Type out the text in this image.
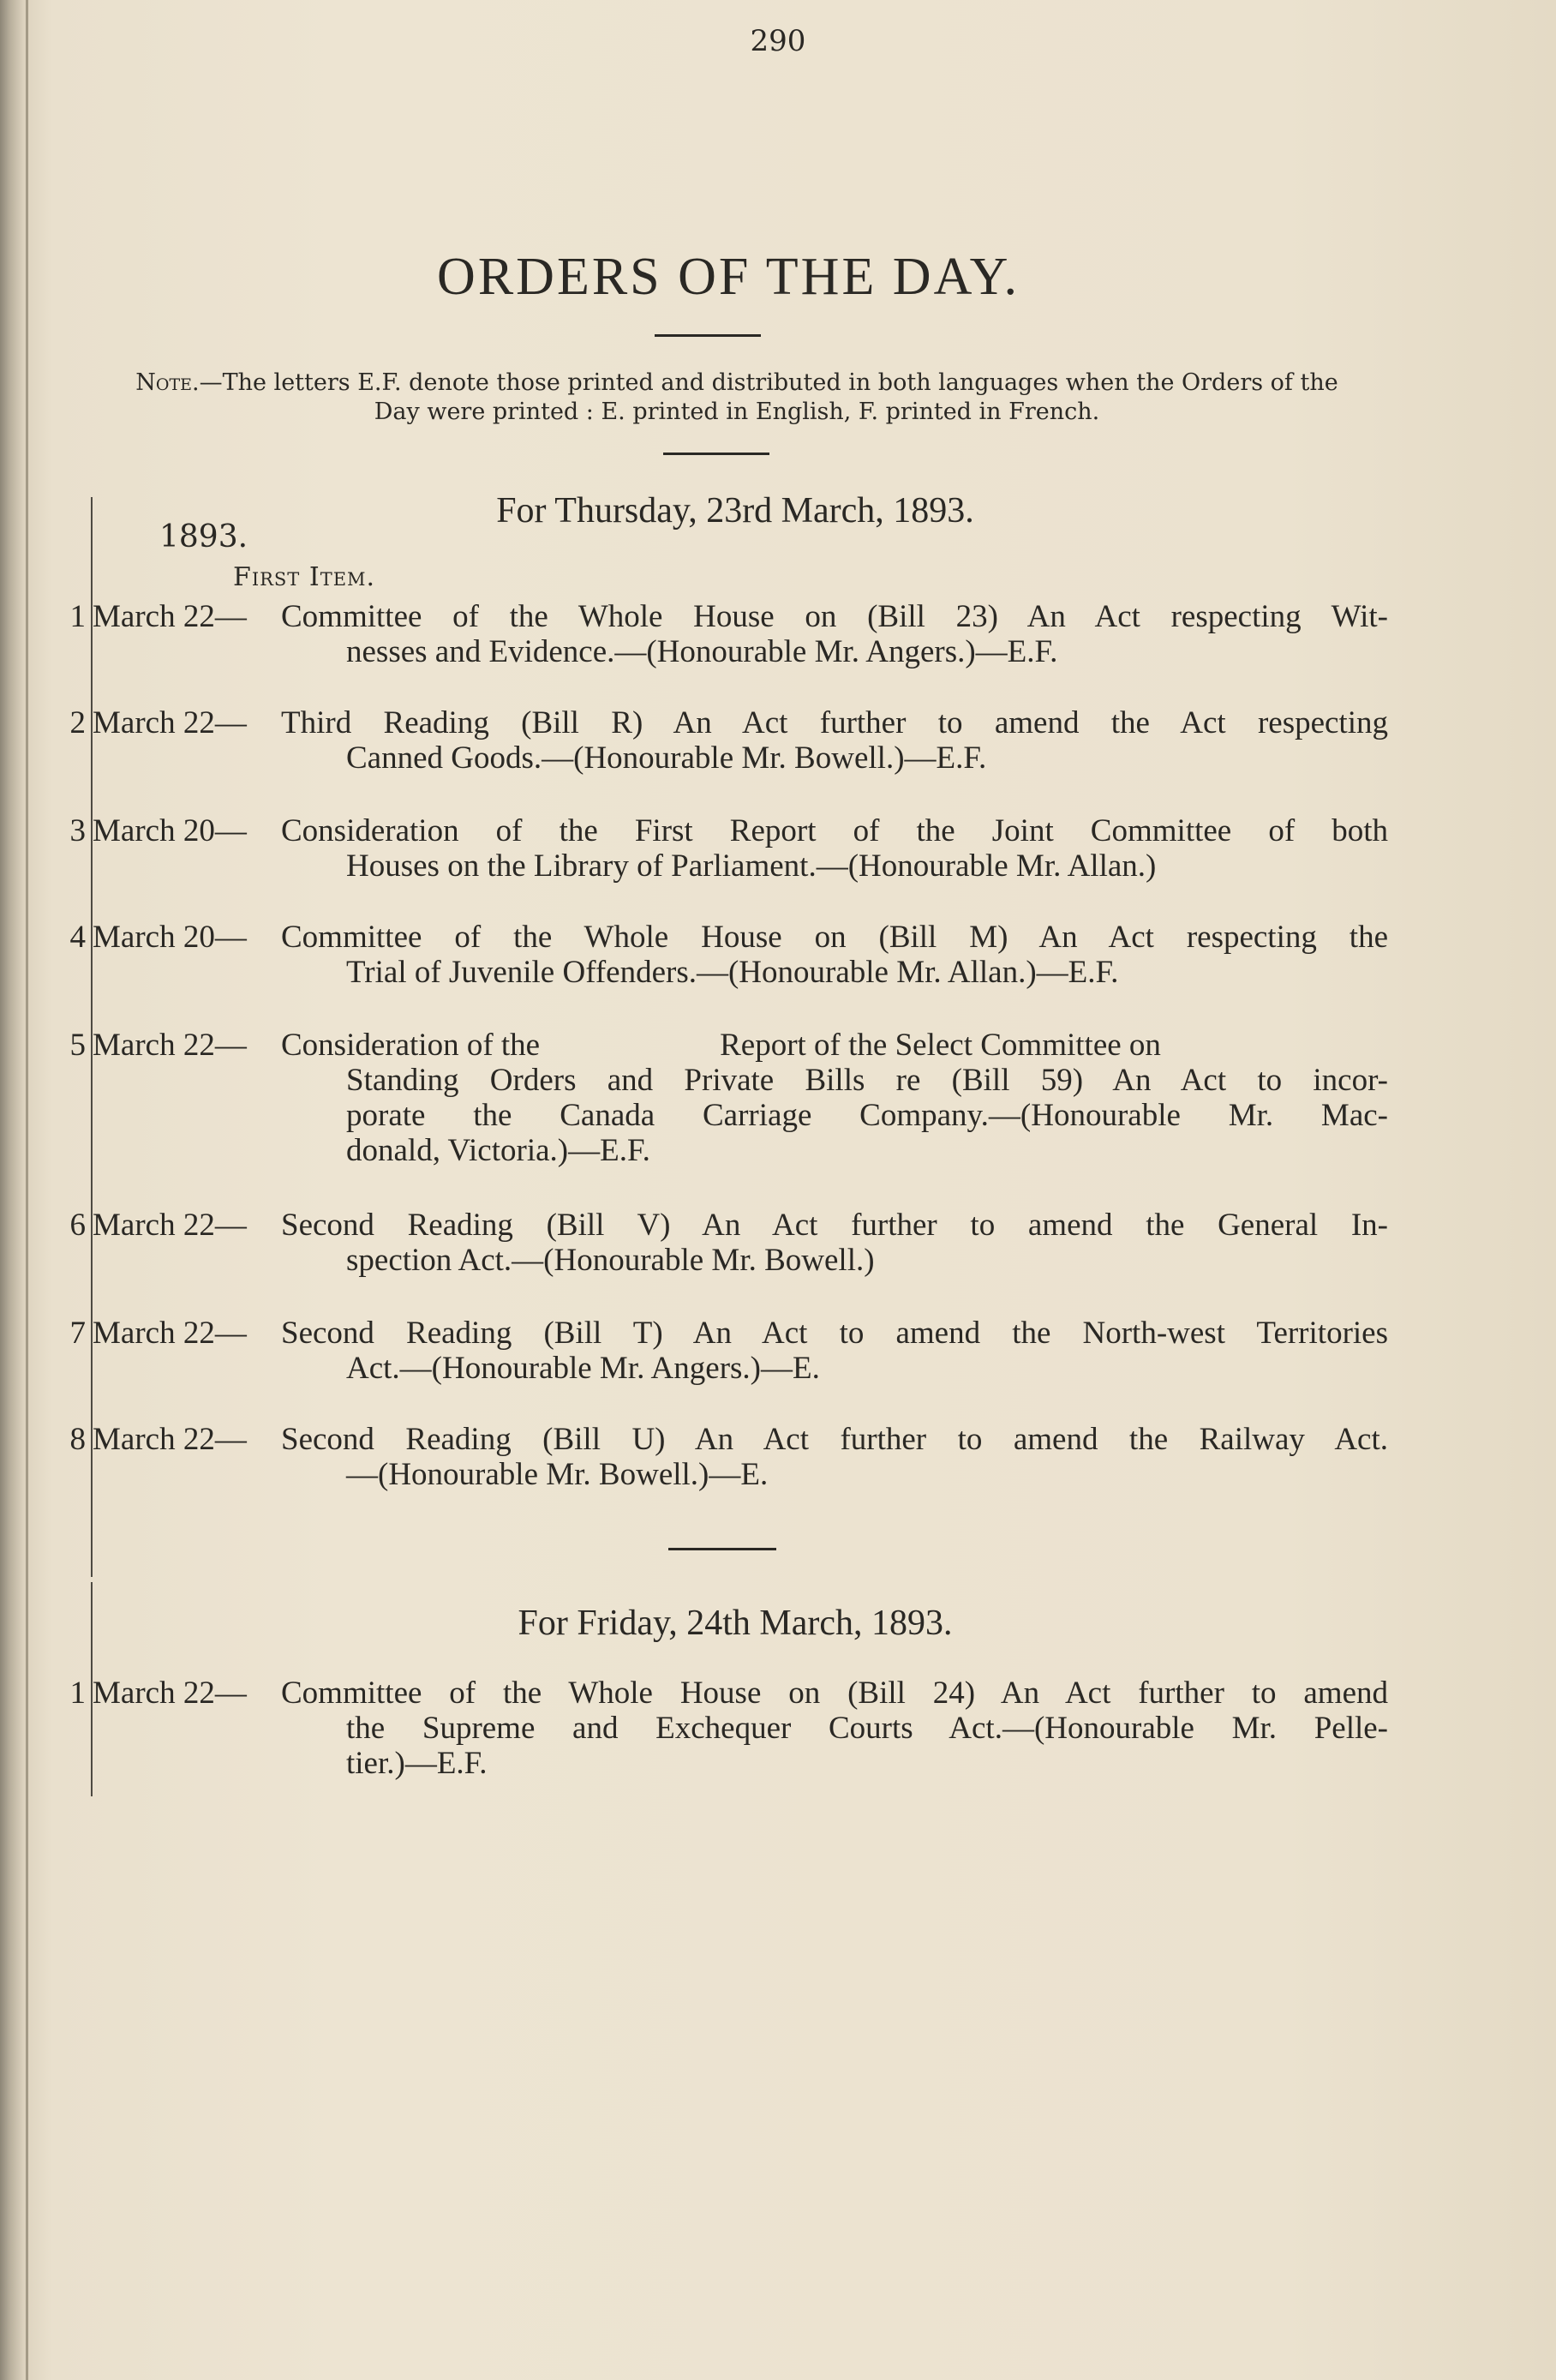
290
ORDERS OF THE DAY.
Note.—The letters E.F. denote those printed and distributed in both languages when the Orders of the
Day were printed : E. printed in English, F. printed in French.
For Thursday, 23rd March, 1893.
1893.
First Item.
1 March 22— Committee of the Whole House on (Bill 23) An Act respecting Wit-
nesses and Evidence.—(Honourable Mr. Angers.)—E.F.
2 March 22— Third Reading (Bill R) An Act further to amend the Act respecting
Canned Goods.—(Honourable Mr. Bowell.)—E.F.
3 March 20— Consideration of the First Report of the Joint Committee of both
Houses on the Library of Parliament.—(Honourable Mr. Allan.)
4 March 20— Committee of the Whole House on (Bill M) An Act respecting the
Trial of Juvenile Offenders.—(Honourable Mr. Allan.)—E.F.
5 March 22— Consideration of the	Report of the Select Committee on
Standing Orders and Private Bills re (Bill 59) An Act to incor-
porate the Canada Carriage Company.—(Honourable Mr. Mac-
donald, Victoria.)—E.F.
6 March 22— Second Reading (Bill V) An Act further to amend the General In-
spection Act.—(Honourable Mr. Bowell.)
7 March 22— Second Reading (Bill T) An Act to amend the North-west Territories
Act.—(Honourable Mr. Angers.)—E.
8 March 22— Second Reading (Bill U) An Act further to amend the Railway Act.
—(Honourable Mr. Bowell.)—E.
For Friday, 24th March, 1893.
1 March 22— Committee of the Whole House on (Bill 24) An Act further to amend
the Supreme and Exchequer Courts Act.—(Honourable Mr. Pelle-
tier.)—E.F.
